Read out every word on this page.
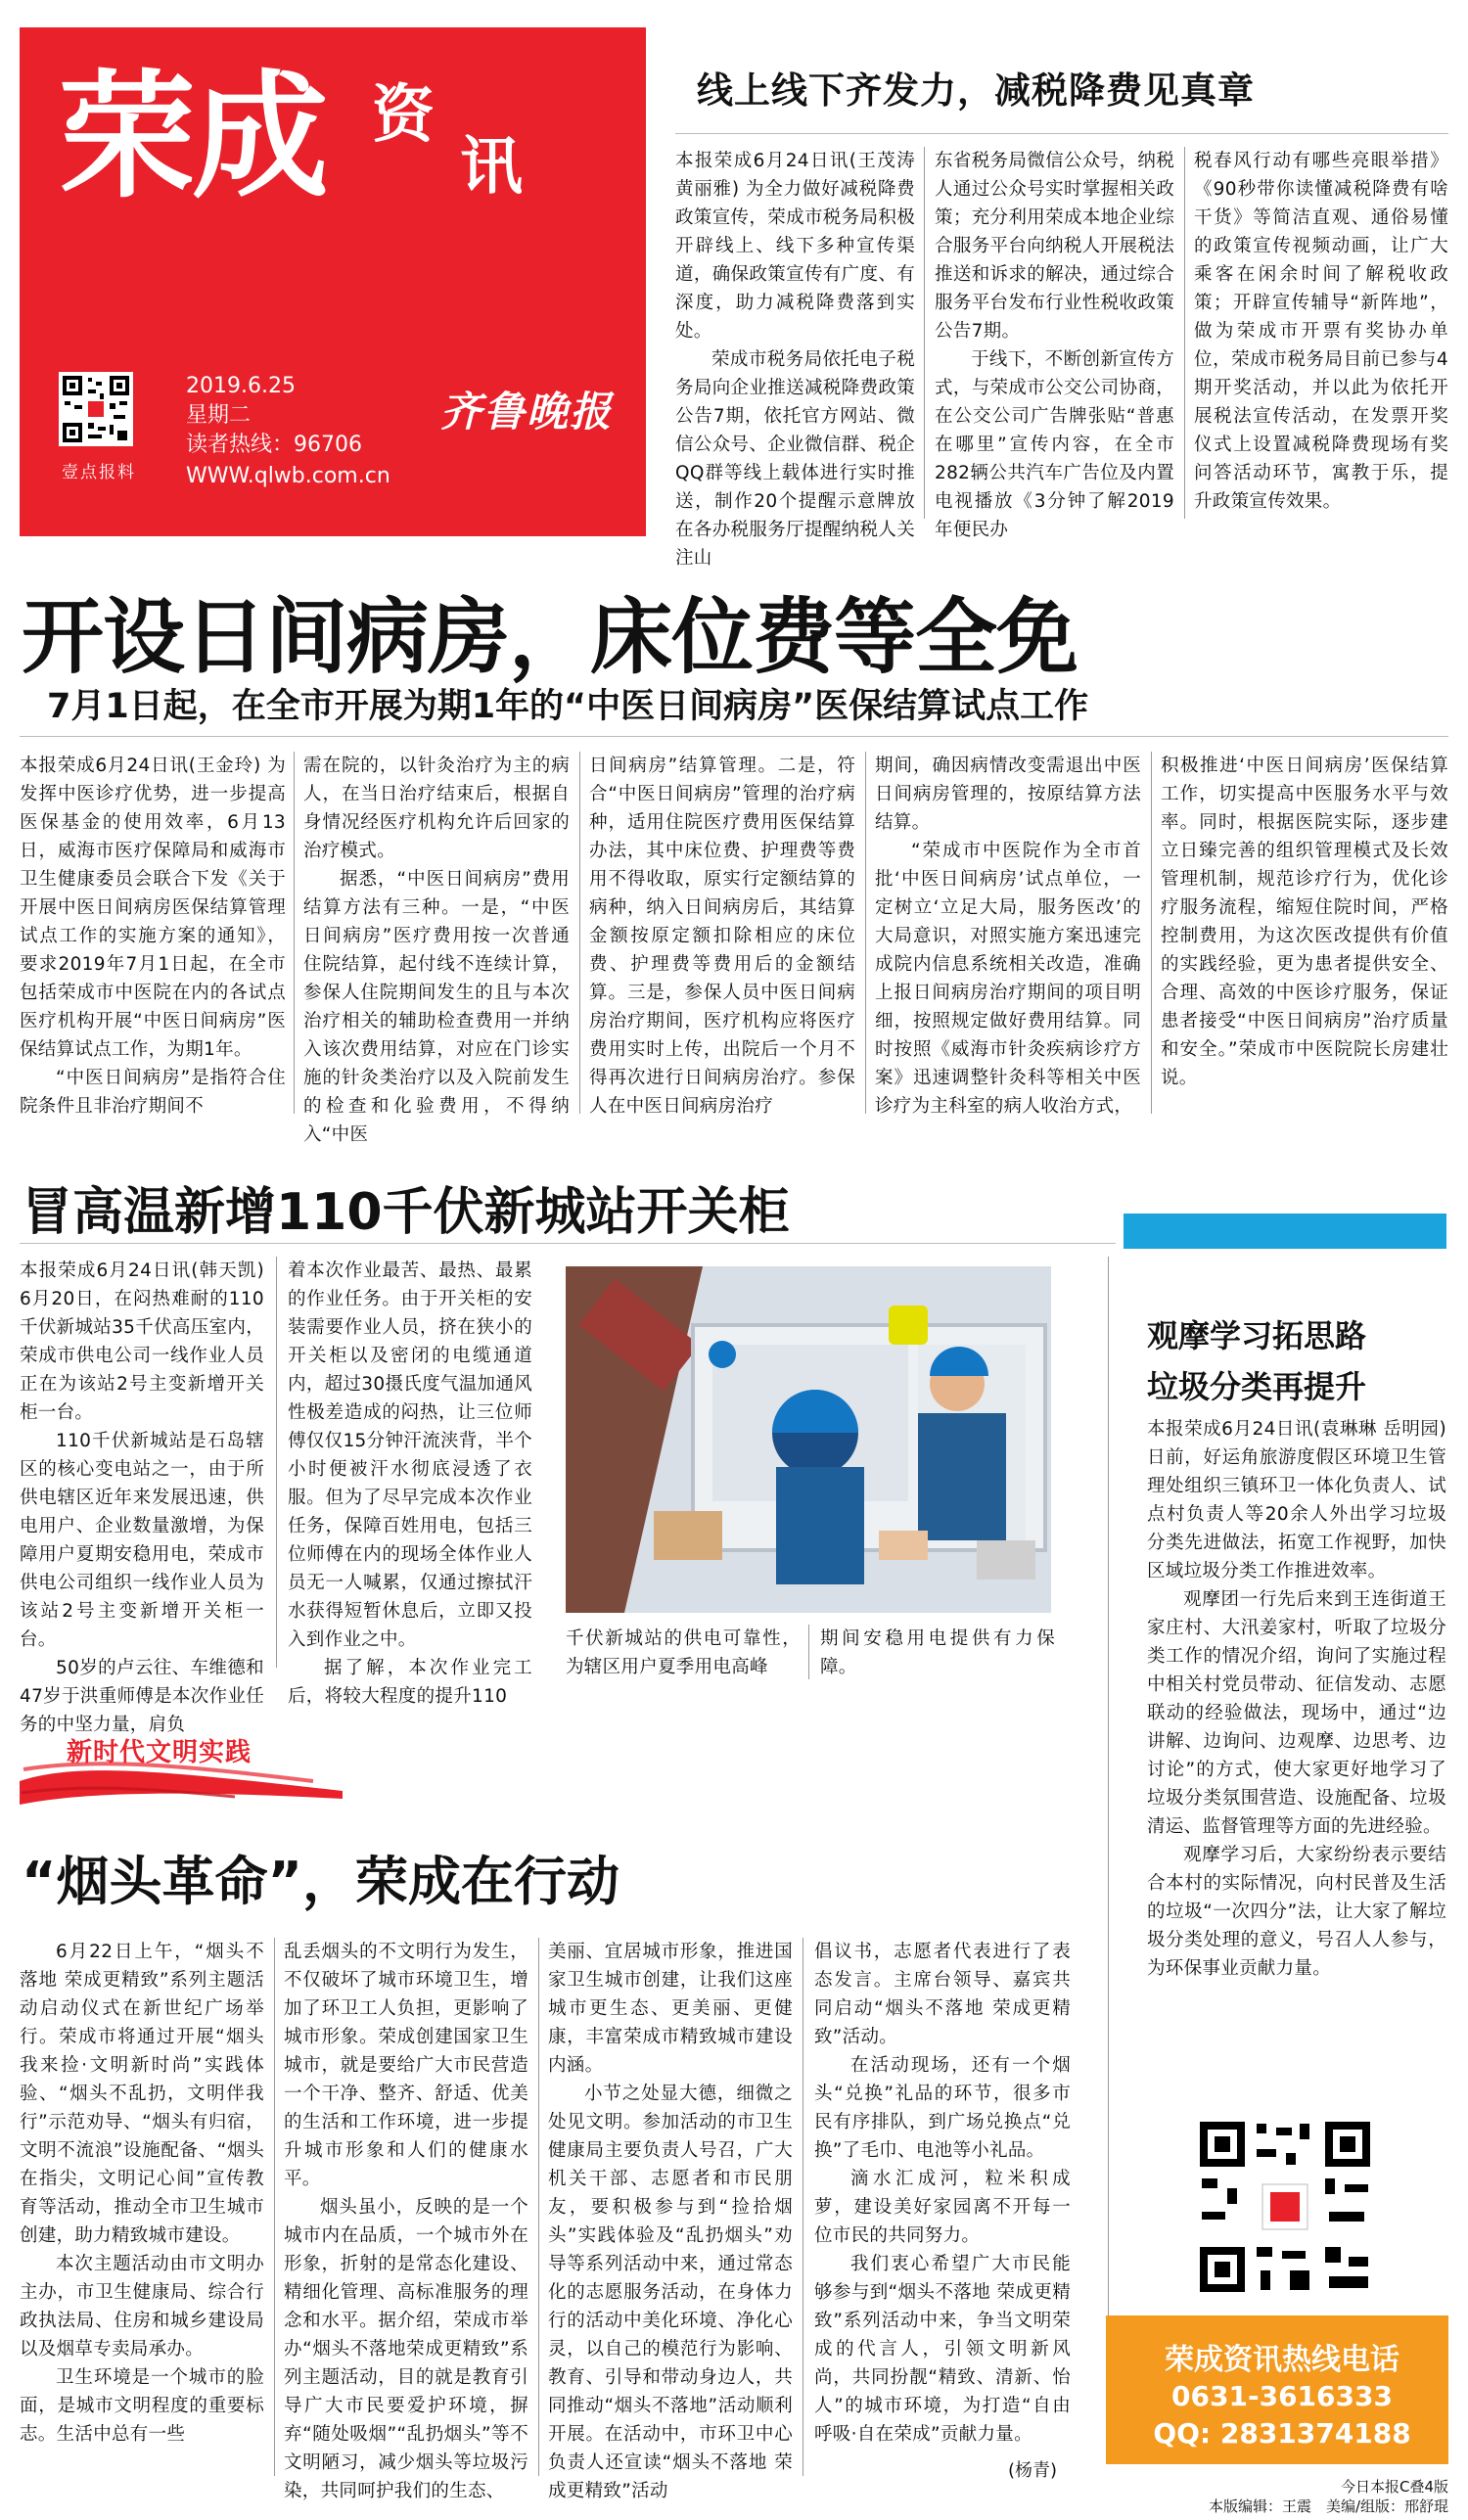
荣成 资
讯
壹点报料
2019.6.25
星期二
读者热线：96706
WWW.qlwb.com.cn
齐鲁晚报
线上线下齐发力，减税降费见真章

本报荣成6月24日讯(王茂涛 黄丽雅) 为全力做好减税降费政策宣传，荣成市税务局积极开辟线上、线下多种宣传渠道，确保政策宣传有广度、有深度，助力减税降费落到实处。

荣成市税务局依托电子税务局向企业推送减税降费政策公告7期，依托官方网站、微信公众号、企业微信群、税企QQ群等线上载体进行实时推送，制作20个提醒示意牌放在各办税服务厅提醒纳税人关注山

东省税务局微信公众号，纳税人通过公众号实时掌握相关政策；充分利用荣成本地企业综合服务平台向纳税人开展税法推送和诉求的解决，通过综合服务平台发布行业性税收政策公告7期。

于线下，不断创新宣传方式，与荣成市公交公司协商，在公交公司广告牌张贴“普惠在哪里”宣传内容，在全市282辆公共汽车广告位及内置电视播放《3分钟了解2019年便民办

税春风行动有哪些亮眼举措》《90秒带你读懂减税降费有啥干货》等简洁直观、通俗易懂的政策宣传视频动画，让广大乘客在闲余时间了解税收政策；开辟宣传辅导“新阵地”，做为荣成市开票有奖协办单位，荣成市税务局目前已参与4期开奖活动，并以此为依托开展税法宣传活动，在发票开奖仪式上设置减税降费现场有奖问答活动环节，寓教于乐，提升政策宣传效果。

开设日间病房，床位费等全免
7月1日起，在全市开展为期1年的“中医日间病房”医保结算试点工作

本报荣成6月24日讯(王金玲) 为发挥中医诊疗优势，进一步提高医保基金的使用效率，6月13日，威海市医疗保障局和威海市卫生健康委员会联合下发《关于开展中医日间病房医保结算管理试点工作的实施方案的通知》，要求2019年7月1日起，在全市包括荣成市中医院在内的各试点医疗机构开展“中医日间病房”医保结算试点工作，为期1年。

“中医日间病房”是指符合住院条件且非治疗期间不

需在院的，以针灸治疗为主的病人，在当日治疗结束后，根据自身情况经医疗机构允许后回家的治疗模式。

据悉，“中医日间病房”费用结算方法有三种。一是，“中医日间病房”医疗费用按一次普通住院结算，起付线不连续计算，参保人住院期间发生的且与本次治疗相关的辅助检查费用一并纳入该次费用结算，对应在门诊实施的针灸类治疗以及入院前发生的检查和化验费用，不得纳入“中医

日间病房”结算管理。二是，符合“中医日间病房”管理的治疗病种，适用住院医疗费用医保结算办法，其中床位费、护理费等费用不得收取，原实行定额结算的病种，纳入日间病房后，其结算金额按原定额扣除相应的床位费、护理费等费用后的金额结算。三是，参保人员中医日间病房治疗期间，医疗机构应将医疗费用实时上传，出院后一个月不得再次进行日间病房治疗。参保人在中医日间病房治疗

期间，确因病情改变需退出中医日间病房管理的，按原结算方法结算。

“荣成市中医院作为全市首批‘中医日间病房’试点单位，一定树立‘立足大局，服务医改’的大局意识，对照实施方案迅速完成院内信息系统相关改造，准确上报日间病房治疗期间的项目明细，按照规定做好费用结算。同时按照《威海市针灸疾病诊疗方案》迅速调整针灸科等相关中医诊疗为主科室的病人收治方式，

积极推进‘中医日间病房’医保结算工作，切实提高中医服务水平与效率。同时，根据医院实际，逐步建立日臻完善的组织管理模式及长效管理机制，规范诊疗行为，优化诊疗服务流程，缩短住院时间，严格控制费用，为这次医改提供有价值的实践经验，更为患者提供安全、合理、高效的中医诊疗服务，保证患者接受“中医日间病房”治疗质量和安全。”荣成市中医院院长房建壮说。

冒高温新增110千伏新城站开关柜

本报荣成6月24日讯(韩天凯) 6月20日，在闷热难耐的110千伏新城站35千伏高压室内，荣成市供电公司一线作业人员正在为该站2号主变新增开关柜一台。

110千伏新城站是石岛辖区的核心变电站之一，由于所供电辖区近年来发展迅速，供电用户、企业数量激增，为保障用户夏期安稳用电，荣成市供电公司组织一线作业人员为该站2号主变新增开关柜一台。

50岁的卢云往、车维德和47岁于洪重师傅是本次作业任务的中坚力量，肩负

着本次作业最苦、最热、最累的作业任务。由于开关柜的安装需要作业人员，挤在狭小的开关柜以及密闭的电缆通道内，超过30摄氏度气温加通风性极差造成的闷热，让三位师傅仅仅15分钟汗流浃背，半个小时便被汗水彻底浸透了衣服。但为了尽早完成本次作业任务，保障百姓用电，包括三位师傅在内的现场全体作业人员无一人喊累，仅通过擦拭汗水获得短暂休息后，立即又投入到作业之中。

据了解，本次作业完工后，将较大程度的提升110

千伏新城站的供电可靠性，为辖区用户夏季用电高峰

期间安稳用电提供有力保障。

观摩学习拓思路
垃圾分类再提升

本报荣成6月24日讯(袁琳琳 岳明园) 日前，好运角旅游度假区环境卫生管理处组织三镇环卫一体化负责人、试点村负责人等20余人外出学习垃圾分类先进做法，拓宽工作视野，加快区域垃圾分类工作推进效率。

观摩团一行先后来到王连街道王家庄村、大汛姜家村，听取了垃圾分类工作的情况介绍，询问了实施过程中相关村党员带动、征信发动、志愿联动的经验做法，现场中，通过“边讲解、边询问、边观摩、边思考、边讨论”的方式，使大家更好地学习了垃圾分类氛围营造、设施配备、垃圾清运、监督管理等方面的先进经验。

观摩学习后，大家纷纷表示要结合本村的实际情况，向村民普及生活的垃圾“一次四分”法，让大家了解垃圾分类处理的意义，号召人人参与，为环保事业贡献力量。

荣成资讯热线电话
0631-3616333
QQ: 2831374188
新时代文明实践
“烟头革命”，荣成在行动

6月22日上午，“烟头不落地 荣成更精致”系列主题活动启动仪式在新世纪广场举行。荣成市将通过开展“烟头我来捡·文明新时尚”实践体验、“烟头不乱扔，文明伴我行”示范劝导、“烟头有归宿，文明不流浪”设施配备、“烟头在指尖，文明记心间”宣传教育等活动，推动全市卫生城市创建，助力精致城市建设。

本次主题活动由市文明办主办，市卫生健康局、综合行政执法局、住房和城乡建设局以及烟草专卖局承办。

卫生环境是一个城市的脸面，是城市文明程度的重要标志。生活中总有一些

乱丢烟头的不文明行为发生，不仅破坏了城市环境卫生，增加了环卫工人负担，更影响了城市形象。荣成创建国家卫生城市，就是要给广大市民营造一个干净、整齐、舒适、优美的生活和工作环境，进一步提升城市形象和人们的健康水平。

烟头虽小，反映的是一个城市内在品质，一个城市外在形象，折射的是常态化建设、精细化管理、高标准服务的理念和水平。据介绍，荣成市举办“烟头不落地荣成更精致”系列主题活动，目的就是教育引导广大市民要爱护环境，摒弃“随处吸烟”“乱扔烟头”等不文明陋习，减少烟头等垃圾污染，共同呵护我们的生态、

美丽、宜居城市形象，推进国家卫生城市创建，让我们这座城市更生态、更美丽、更健康，丰富荣成市精致城市建设内涵。

小节之处显大德，细微之处见文明。参加活动的市卫生健康局主要负责人号召，广大机关干部、志愿者和市民朋友，要积极参与到“捡拾烟头”实践体验及“乱扔烟头”劝导等系列活动中来，通过常态化的志愿服务活动，在身体力行的活动中美化环境、净化心灵，以自己的模范行为影响、教育、引导和带动身边人，共同推动“烟头不落地”活动顺利开展。在活动中，市环卫中心负责人还宣读“烟头不落地 荣成更精致”活动

倡议书，志愿者代表进行了表态发言。主席台领导、嘉宾共同启动“烟头不落地 荣成更精致”活动。

在活动现场，还有一个烟头“兑换”礼品的环节，很多市民有序排队，到广场兑换点“兑换”了毛巾、电池等小礼品。

滴水汇成河，粒米积成萝，建设美好家园离不开每一位市民的共同努力。

我们衷心希望广大市民能够参与到“烟头不落地 荣成更精致”系列活动中来，争当文明荣成的代言人，引领文明新风尚，共同扮靓“精致、清新、怡人”的城市环境，为打造“自由呼吸·自在荣成”贡献力量。

(杨青)
今日本报C叠4版
本版编辑：王震　美编/组版：邢舒琨
